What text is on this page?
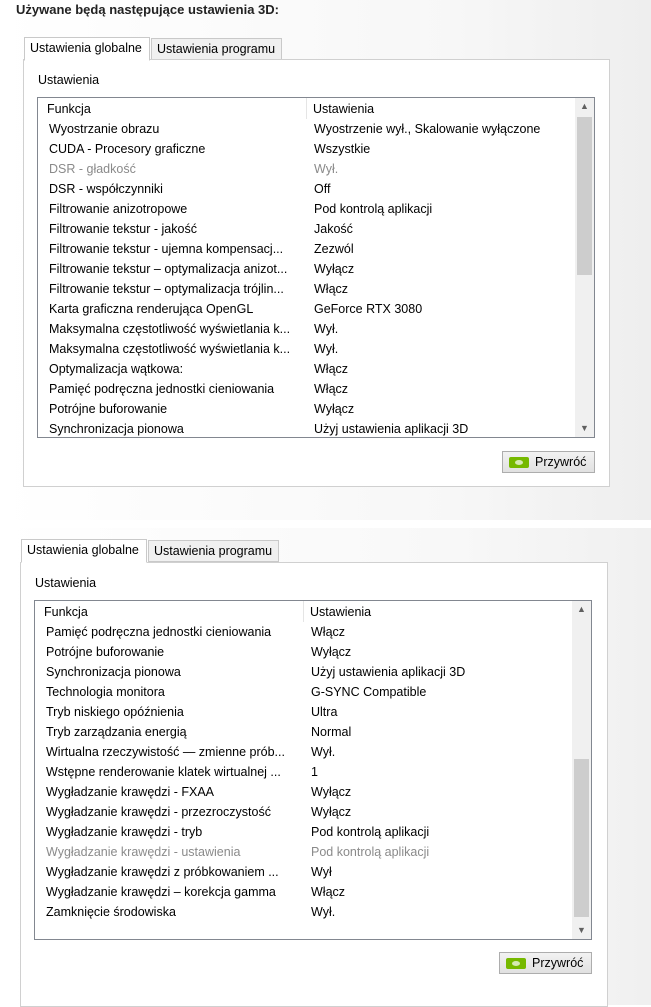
Używane będą następujące ustawienia 3D:
Ustawienia globalne	Ustawienia programu
Ustawienia
Funkcja	Ustawienia
Wyostrzanie obrazu	Wyostrzenie wył., Skalowanie wyłączone
CUDA - Procesory graficzne	Wszystkie
DSR - gładkość	Wył.
DSR - współczynniki	Off
Filtrowanie anizotropowe	Pod kontrolą aplikacji
Filtrowanie tekstur - jakość	Jakość
Filtrowanie tekstur - ujemna kompensacj...	Zezwól
Filtrowanie tekstur – optymalizacja anizot...	Wyłącz
Filtrowanie tekstur – optymalizacja trójlin...	Włącz
Karta graficzna renderująca OpenGL	GeForce RTX 3080
Maksymalna częstotliwość wyświetlania k...	Wył.
Maksymalna częstotliwość wyświetlania k...	Wył.
Optymalizacja wątkowa:	Włącz
Pamięć podręczna jednostki cieniowania	Włącz
Potrójne buforowanie	Wyłącz
Synchronizacja pionowa	Użyj ustawienia aplikacji 3D
▲
▼
Przywróć
Ustawienia globalne	Ustawienia programu
Ustawienia
Funkcja	Ustawienia
Pamięć podręczna jednostki cieniowania	Włącz
Potrójne buforowanie	Wyłącz
Synchronizacja pionowa	Użyj ustawienia aplikacji 3D
Technologia monitora	G-SYNC Compatible
Tryb niskiego opóźnienia	Ultra
Tryb zarządzania energią	Normal
Wirtualna rzeczywistość — zmienne prób...	Wył.
Wstępne renderowanie klatek wirtualnej ...	1
Wygładzanie krawędzi - FXAA	Wyłącz
Wygładzanie krawędzi - przezroczystość	Wyłącz
Wygładzanie krawędzi - tryb	Pod kontrolą aplikacji
Wygładzanie krawędzi - ustawienia	Pod kontrolą aplikacji
Wygładzanie krawędzi z próbkowaniem ...	Wył
Wygładzanie krawędzi – korekcja gamma	Włącz
Zamknięcie środowiska	Wył.
▲
▼
Przywróć
